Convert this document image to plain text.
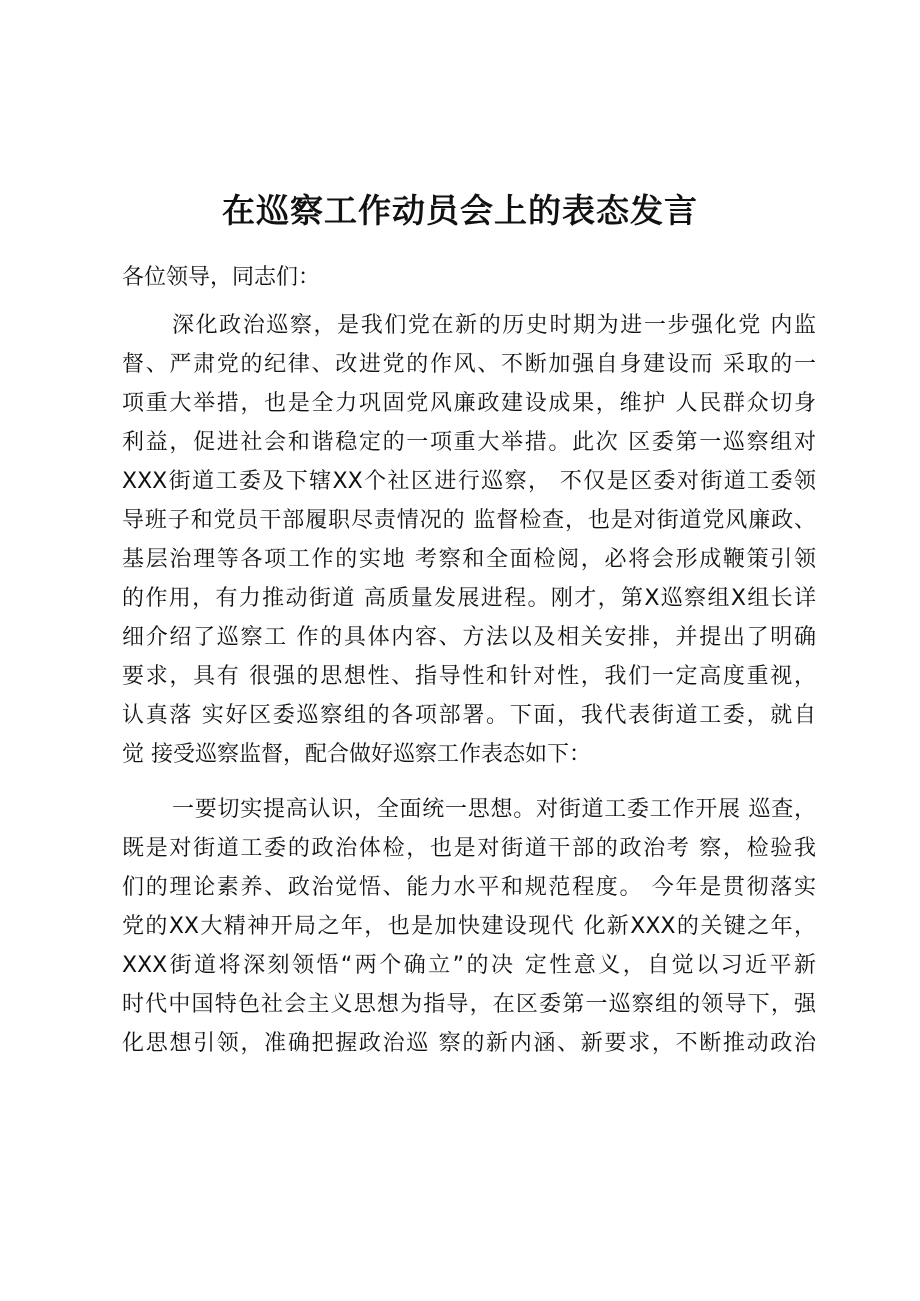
在巡察工作动员会上的表态发言
各位领导，同志们：
深化政治巡察，是我们党在新的历史时期为进一步强化党 内监
督、严肃党的纪律、改进党的作风、不断加强自身建设而 采取的一
项重大举措，也是全力巩固党风廉政建设成果，维护 人民群众切身
利益，促进社会和谐稳定的一项重大举措。此次 区委第一巡察组对
XXX街道工委及下辖XX个社区进行巡察， 不仅是区委对街道工委领
导班子和党员干部履职尽责情况的 监督检查，也是对街道党风廉政、
基层治理等各项工作的实地 考察和全面检阅，必将会形成鞭策引领
的作用，有力推动街道 高质量发展进程。刚才，第X巡察组X组长详
细介绍了巡察工 作的具体内容、方法以及相关安排，并提出了明确
要求，具有 很强的思想性、指导性和针对性，我们一定高度重视，
认真落 实好区委巡察组的各项部署。下面，我代表街道工委，就自
觉 接受巡察监督，配合做好巡察工作表态如下：
一要切实提高认识，全面统一思想。对街道工委工作开展 巡查，
既是对街道工委的政治体检，也是对街道干部的政治考 察，检验我
们的理论素养、政治觉悟、能力水平和规范程度。 今年是贯彻落实
党的XX大精神开局之年，也是加快建设现代 化新XXX的关键之年，
XXX街道将深刻领悟“两个确立”的决 定性意义，自觉以习近平新
时代中国特色社会主义思想为指导，在区委第一巡察组的领导下，强
化思想引领，准确把握政治巡 察的新内涵、新要求，不断推动政治
